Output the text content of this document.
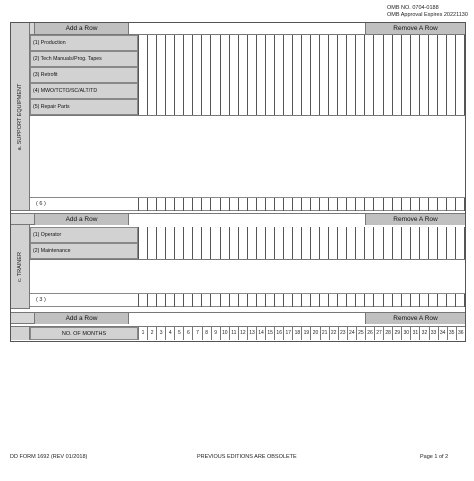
OMB NO. 0704-0188
OMB Approval Expires 20221130
Add a Row	Remove A Row
a. SUPPORT EQUIPMENT
(1) Production
(2) Tech Manuals/Prog. Tapes
(3) Retrofit
(4) MWO/TCTO/SC/ALT/TD
(5) Repair Parts
( 6 )
Add a Row	Remove A Row
c. TRAINER
(1) Operator
(2) Maintenance
( 3 )
Add a Row	Remove A Row
NO. OF MONTHS	1	2	3	4	5	6	7	8	9 10 11 12 13 14 15 16 17 18 19 20 21 22 23 24 25 26 27 28 29 30 31 32 33 34 35 36
DD FORM 1692 (REV 01/2018)	PREVIOUS EDITIONS ARE OBSOLETE	Page 1 of 2
